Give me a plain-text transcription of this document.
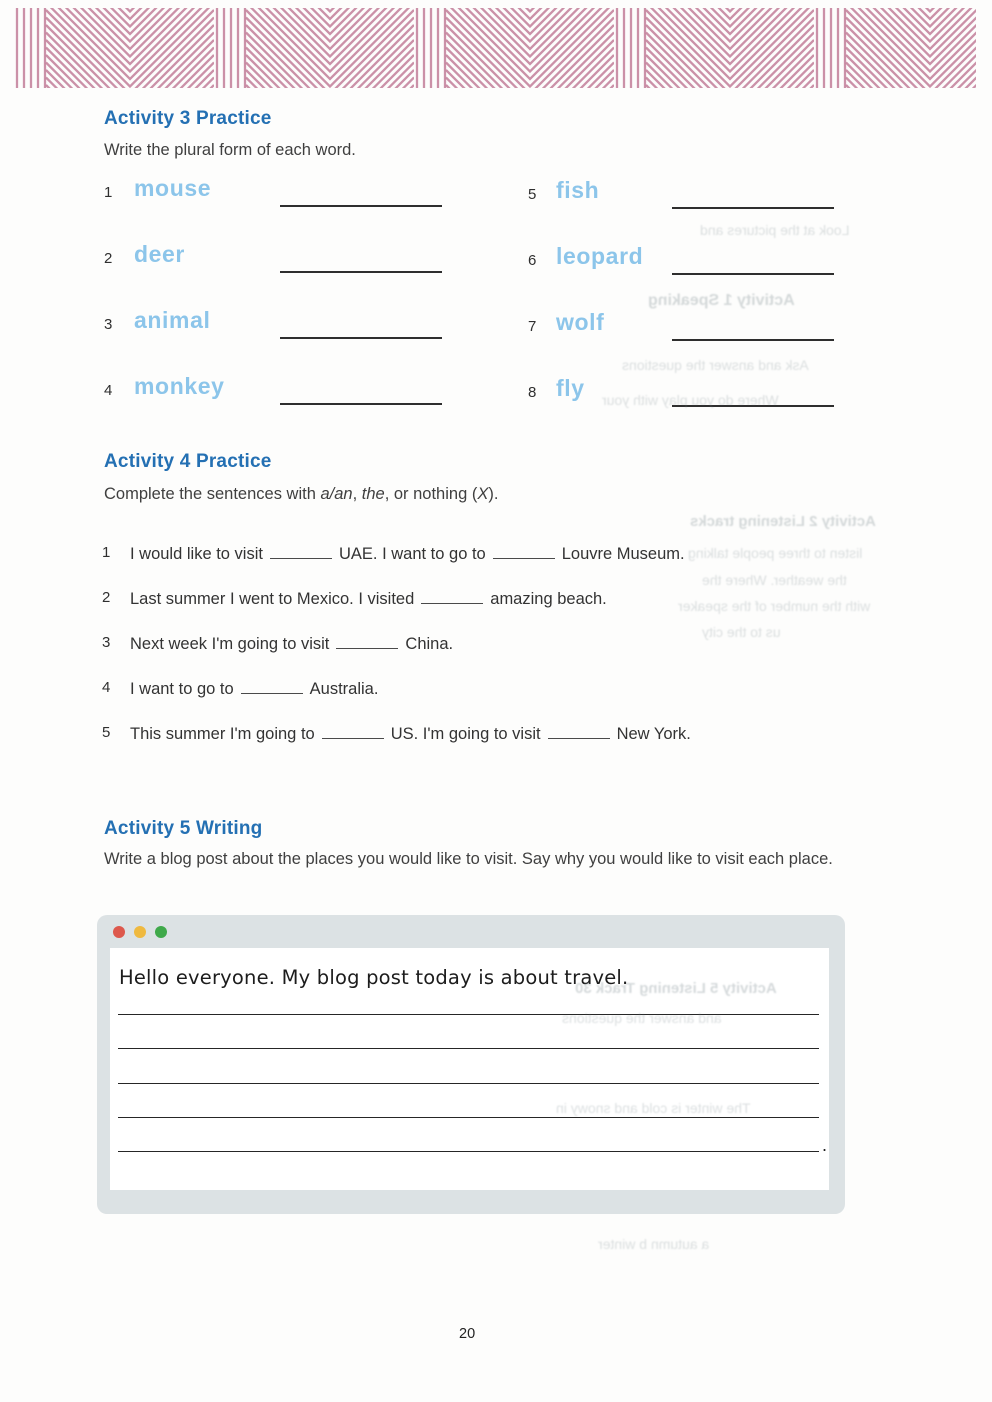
Activity 3 Practice
Write the plural form of each word.
1 mouse
2 deer
3 animal
4 monkey
5 fish
6 leopard
7 wolf
8 fly
Activity 4 Practice
Complete the sentences with a/an, the, or nothing (X).
1	I would like to visit	UAE. I want to go to	Louvre Museum.
2	Last summer I went to Mexico. I visited	amazing beach.
3	Next week I'm going to visit	China.
4	I want to go to	Australia.
5	This summer I'm going to	US. I'm going to visit	New York.
Activity 5 Writing
Write a blog post about the places you would like to visit. Say why you would like to visit each place.
Hello everyone. My blog post today is about travel.
.
20
Look at the pictures and
Activity 1 Speaking
Ask and answer the questions
Where do you play with your
Activity 2 Listening tracks
listen to three people talking
the weather. Where the
with the number of the speaker
us to the city
Activity 5 Listening Track 30
and answer the questions
The winter is cold and snowy in
a autumn b winter
